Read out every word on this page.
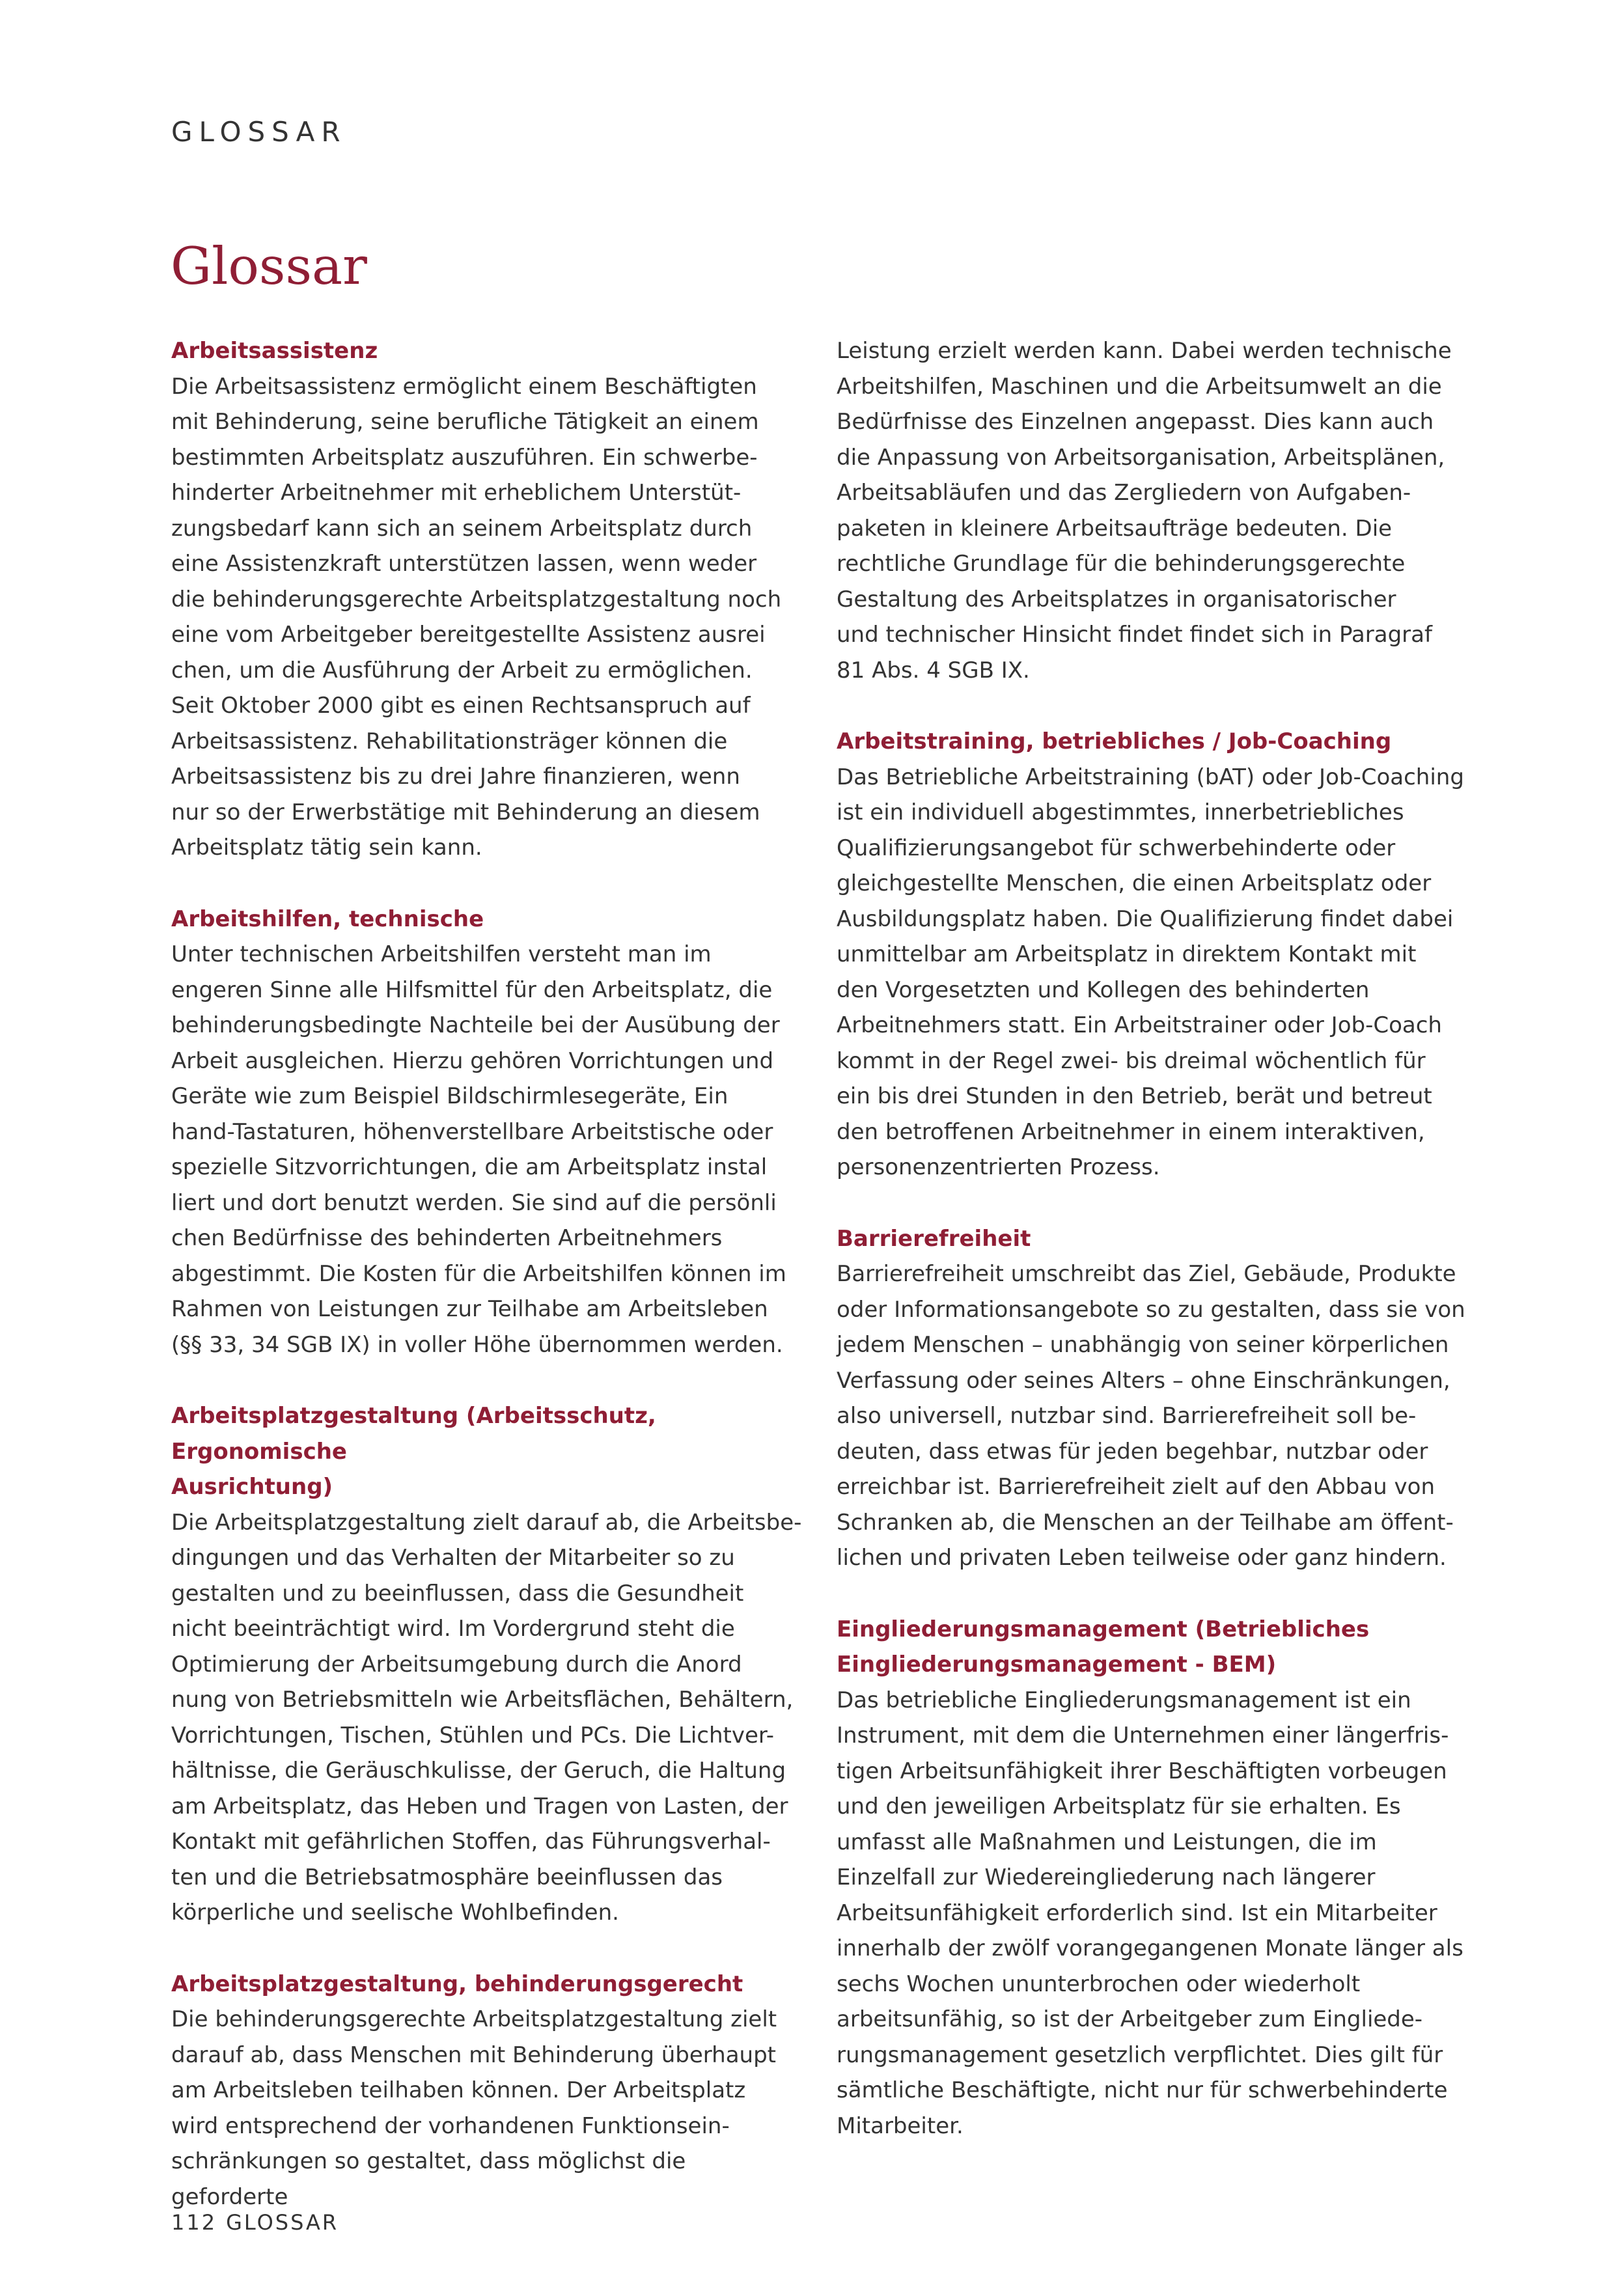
GLOSSAR
Glossar
Arbeitsassistenz
Die Arbeitsassistenz ermöglicht einem Beschäftigten
mit Behinderung, seine berufliche Tätigkeit an einem
bestimmten Arbeitsplatz auszuführen. Ein schwerbe-
hinderter Arbeitnehmer mit erheblichem Unterstüt-
zungsbedarf kann sich an seinem Arbeitsplatz durch
eine Assistenzkraft unterstützen lassen, wenn weder
die behinderungsgerechte Arbeitsplatzgestaltung noch
eine vom Arbeitgeber bereitgestellte Assistenz ausrei
chen, um die Ausführung der Arbeit zu ermöglichen.
Seit Oktober 2000 gibt es einen Rechtsanspruch auf
Arbeitsassistenz. Rehabilitationsträger können die
Arbeitsassistenz bis zu drei Jahre finanzieren, wenn
nur so der Erwerbstätige mit Behinderung an diesem
Arbeitsplatz tätig sein kann.
Arbeitshilfen, technische
Unter technischen Arbeitshilfen versteht man im
engeren Sinne alle Hilfsmittel für den Arbeitsplatz, die
behinderungsbedingte Nachteile bei der Ausübung der
Arbeit ausgleichen. Hierzu gehören Vorrichtungen und
Geräte wie zum Beispiel Bildschirmlesegeräte, Ein
hand-Tastaturen, höhenverstellbare Arbeitstische oder
spezielle Sitzvorrichtungen, die am Arbeitsplatz instal
liert und dort benutzt werden. Sie sind auf die persönli
chen Bedürfnisse des behinderten Arbeitnehmers
abgestimmt. Die Kosten für die Arbeitshilfen können im
Rahmen von Leistungen zur Teilhabe am Arbeitsleben
(§§ 33, 34 SGB IX) in voller Höhe übernommen werden.
Arbeitsplatzgestaltung (Arbeitsschutz, Ergonomische
Ausrichtung)
Die Arbeitsplatzgestaltung zielt darauf ab, die Arbeitsbe-
dingungen und das Verhalten der Mitarbeiter so zu
gestalten und zu beeinflussen, dass die Gesundheit
nicht beeinträchtigt wird. Im Vordergrund steht die
Optimierung der Arbeitsumgebung durch die Anord
nung von Betriebsmitteln wie Arbeitsflächen, Behältern,
Vorrichtungen, Tischen, Stühlen und PCs. Die Lichtver-
hältnisse, die Geräuschkulisse, der Geruch, die Haltung
am Arbeitsplatz, das Heben und Tragen von Lasten, der
Kontakt mit gefährlichen Stoffen, das Führungsverhal-
ten und die Betriebsatmosphäre beeinflussen das
körperliche und seelische Wohlbefinden.
Arbeitsplatzgestaltung, behinderungsgerecht
Die behinderungsgerechte Arbeitsplatzgestaltung zielt
darauf ab, dass Menschen mit Behinderung überhaupt
am Arbeitsleben teilhaben können. Der Arbeitsplatz
wird entsprechend der vorhandenen Funktionsein-
schränkungen so gestaltet, dass möglichst die geforderte
Leistung erzielt werden kann. Dabei werden technische
Arbeitshilfen, Maschinen und die Arbeitsumwelt an die
Bedürfnisse des Einzelnen angepasst. Dies kann auch
die Anpassung von Arbeitsorganisation, Arbeitsplänen,
Arbeitsabläufen und das Zergliedern von Aufgaben-
paketen in kleinere Arbeitsaufträge bedeuten. Die
rechtliche Grundlage für die behinderungsgerechte
Gestaltung des Arbeitsplatzes in organisatorischer
und technischer Hinsicht findet findet sich in Paragraf
81 Abs. 4 SGB IX.
Arbeitstraining, betriebliches / Job-Coaching
Das Betriebliche Arbeitstraining (bAT) oder Job-Coaching
ist ein individuell abgestimmtes, innerbetriebliches
Qualifizierungsangebot für schwerbehinderte oder
gleichgestellte Menschen, die einen Arbeitsplatz oder
Ausbildungsplatz haben. Die Qualifizierung findet dabei
unmittelbar am Arbeitsplatz in direktem Kontakt mit
den Vorgesetzten und Kollegen des behinderten
Arbeitnehmers statt. Ein Arbeitstrainer oder Job-Coach
kommt in der Regel zwei- bis dreimal wöchentlich für
ein bis drei Stunden in den Betrieb, berät und betreut
den betroffenen Arbeitnehmer in einem interaktiven,
personenzentrierten Prozess.
Barrierefreiheit
Barrierefreiheit umschreibt das Ziel, Gebäude, Produkte
oder Informationsangebote so zu gestalten, dass sie von
jedem Menschen – unabhängig von seiner körperlichen
Verfassung oder seines Alters – ohne Einschränkungen,
also universell, nutzbar sind. Barrierefreiheit soll be-
deuten, dass etwas für jeden begehbar, nutzbar oder
erreichbar ist. Barrierefreiheit zielt auf den Abbau von
Schranken ab, die Menschen an der Teilhabe am öffent-
lichen und privaten Leben teilweise oder ganz hindern.
Eingliederungsmanagement (Betriebliches
Eingliederungsmanagement - BEM)
Das betriebliche Eingliederungsmanagement ist ein
Instrument, mit dem die Unternehmen einer längerfris-
tigen Arbeitsunfähigkeit ihrer Beschäftigten vorbeugen
und den jeweiligen Arbeitsplatz für sie erhalten. Es
umfasst alle Maßnahmen und Leistungen, die im
Einzelfall zur Wiedereingliederung nach längerer
Arbeitsunfähigkeit erforderlich sind. Ist ein Mitarbeiter
innerhalb der zwölf vorangegangenen Monate länger als
sechs Wochen ununterbrochen oder wiederholt
arbeitsunfähig, so ist der Arbeitgeber zum Eingliede-
rungsmanagement gesetzlich verpflichtet. Dies gilt für
sämtliche Beschäftigte, nicht nur für schwerbehinderte
Mitarbeiter.
112 GLOSSAR
